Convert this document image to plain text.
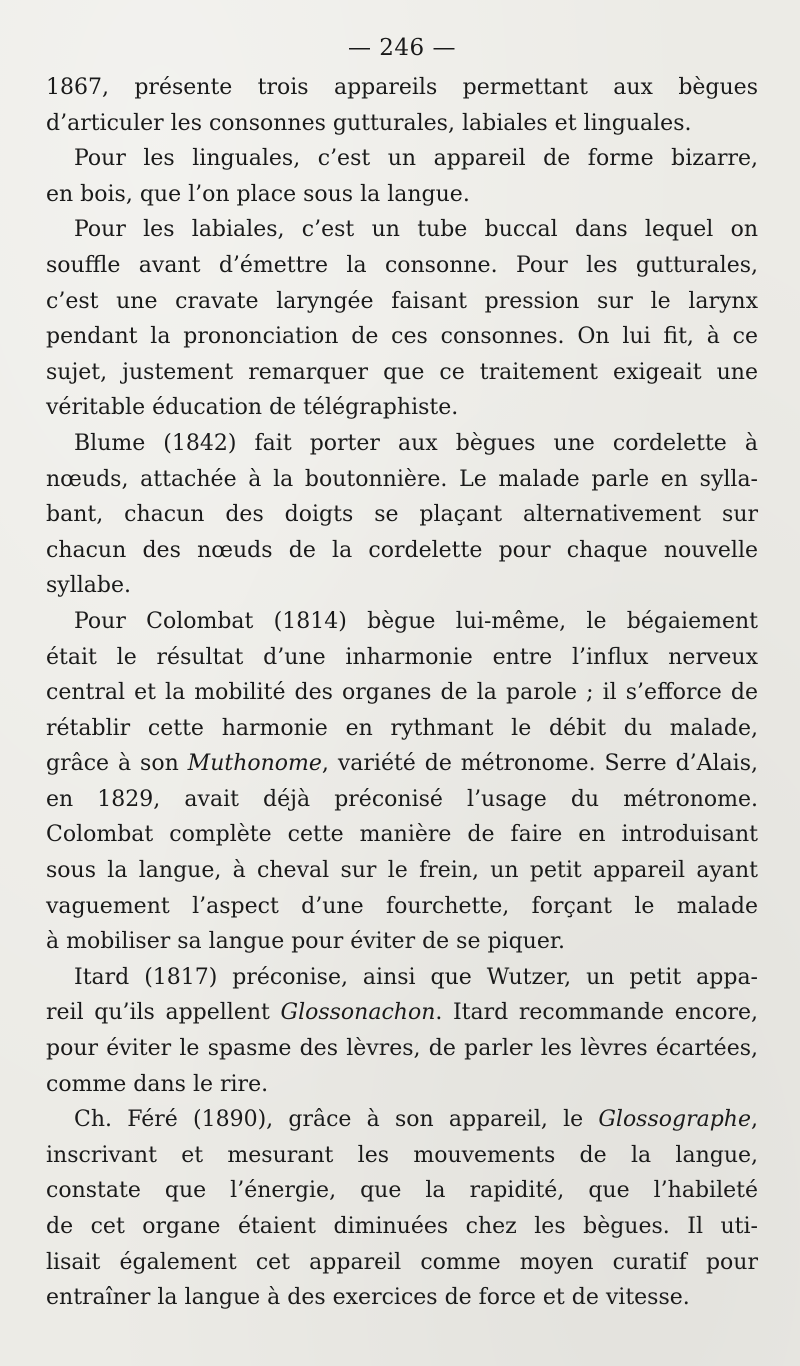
— 246 —
1867, présente trois appareils permettant aux bègues
d’articuler les consonnes gutturales, labiales et linguales.
Pour les linguales, c’est un appareil de forme bizarre,
en bois, que l’on place sous la langue.
Pour les labiales, c’est un tube buccal dans lequel on
souffle avant d’émettre la consonne. Pour les gutturales,
c’est une cravate laryngée faisant pression sur le larynx
pendant la prononciation de ces consonnes. On lui fit, à ce
sujet, justement remarquer que ce traitement exigeait une
véritable éducation de télégraphiste.
Blume (1842) fait porter aux bègues une cordelette à
nœuds, attachée à la boutonnière. Le malade parle en sylla-
bant, chacun des doigts se plaçant alternativement sur
chacun des nœuds de la cordelette pour chaque nouvelle
syllabe.
Pour Colombat (1814) bègue lui-même, le bégaiement
était le résultat d’une inharmonie entre l’influx nerveux
central et la mobilité des organes de la parole ; il s’efforce de
rétablir cette harmonie en rythmant le débit du malade,
grâce à son Muthonome, variété de métronome. Serre d’Alais,
en 1829, avait déjà préconisé l’usage du métronome.
Colombat complète cette manière de faire en introduisant
sous la langue, à cheval sur le frein, un petit appareil ayant
vaguement l’aspect d’une fourchette, forçant le malade
à mobiliser sa langue pour éviter de se piquer.
Itard (1817) préconise, ainsi que Wutzer, un petit appa-
reil qu’ils appellent Glossonachon. Itard recommande encore,
pour éviter le spasme des lèvres, de parler les lèvres écartées,
comme dans le rire.
Ch. Féré (1890), grâce à son appareil, le Glossographe,
inscrivant et mesurant les mouvements de la langue,
constate que l’énergie, que la rapidité, que l’habileté
de cet organe étaient diminuées chez les bègues. Il uti-
lisait également cet appareil comme moyen curatif pour
entraîner la langue à des exercices de force et de vitesse.
